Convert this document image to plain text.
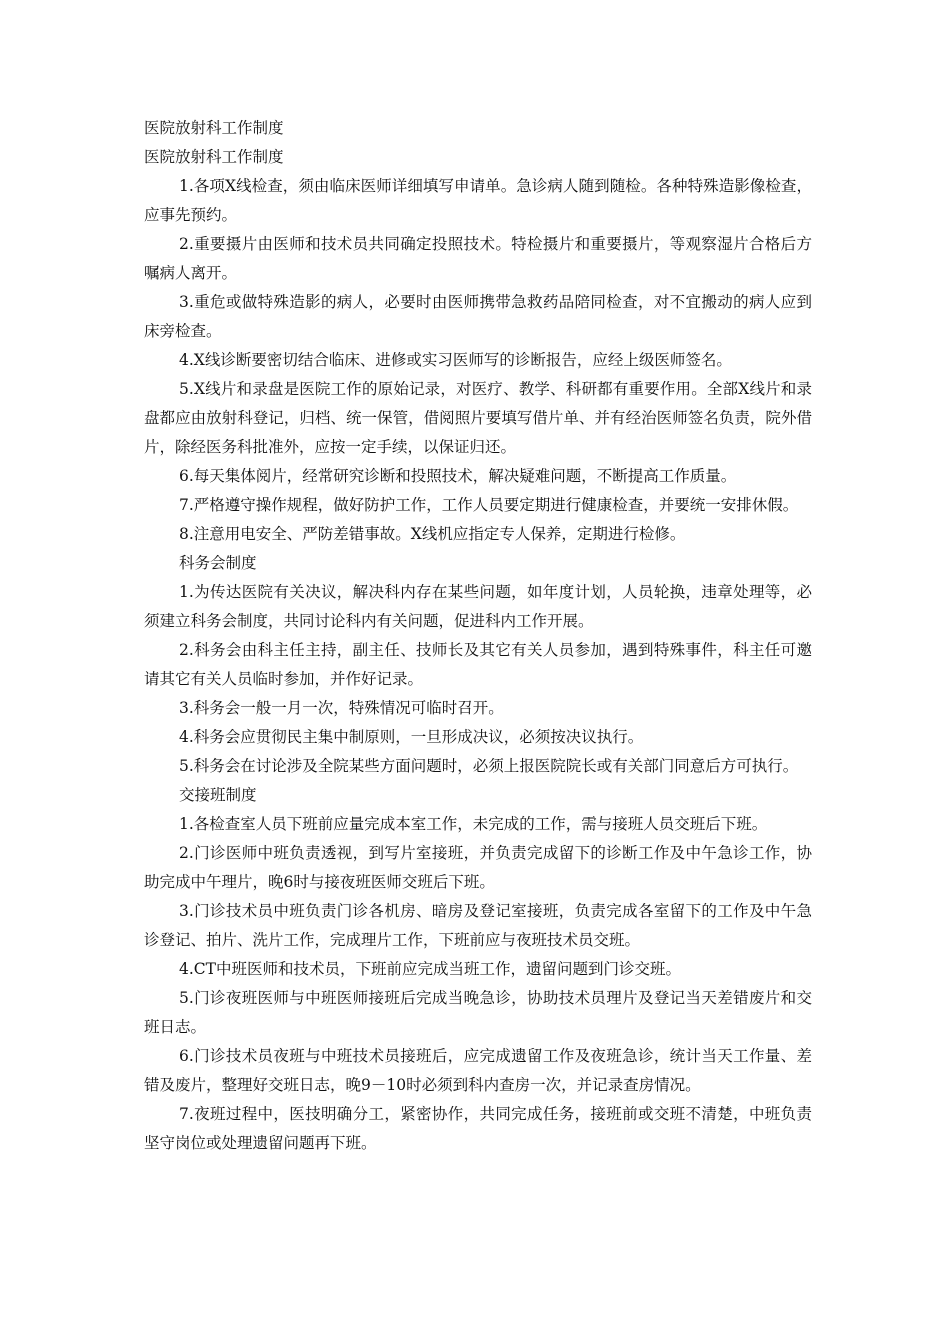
医院放射科工作制度

医院放射科工作制度

1.各项Ⅹ线检查，须由临床医师详细填写申请单。急诊病人随到随检。各种特殊造影像检查，应事先预约。

2.重要摄片由医师和技术员共同确定投照技术。特检摄片和重要摄片，等观察湿片合格后方嘱病人离开。

3.重危或做特殊造影的病人，必要时由医师携带急救药品陪同检查，对不宜搬动的病人应到床旁检查。

4.Ⅹ线诊断要密切结合临床、进修或实习医师写的诊断报告，应经上级医师签名。

5.Ⅹ线片和录盘是医院工作的原始记录，对医疗、教学、科研都有重要作用。全部Ⅹ线片和录盘都应由放射科登记，归档、统一保管，借阅照片要填写借片单、并有经治医师签名负责，院外借片，除经医务科批准外，应按一定手续，以保证归还。

6.每天集体阅片，经常研究诊断和投照技术，解决疑难问题，不断提高工作质量。

7.严格遵守操作规程，做好防护工作，工作人员要定期进行健康检查，并要统一安排休假。

8.注意用电安全、严防差错事故。Ⅹ线机应指定专人保养，定期进行检修。

科务会制度

1.为传达医院有关决议，解决科内存在某些问题，如年度计划，人员轮换，违章处理等，必须建立科务会制度，共同讨论科内有关问题，促进科内工作开展。

2.科务会由科主任主持，副主任、技师长及其它有关人员参加，遇到特殊事件，科主任可邀请其它有关人员临时参加，并作好记录。

3.科务会一般一月一次，特殊情况可临时召开。

4.科务会应贯彻民主集中制原则，一旦形成决议，必须按决议执行。

5.科务会在讨论涉及全院某些方面问题时，必须上报医院院长或有关部门同意后方可执行。

交接班制度

1.各检查室人员下班前应量完成本室工作，未完成的工作，需与接班人员交班后下班。

2.门诊医师中班负责透视，到写片室接班，并负责完成留下的诊断工作及中午急诊工作，协助完成中午理片，晚6时与接夜班医师交班后下班。

3.门诊技术员中班负责门诊各机房、暗房及登记室接班，负责完成各室留下的工作及中午急诊登记、拍片、洗片工作，完成理片工作，下班前应与夜班技术员交班。

4.CT中班医师和技术员，下班前应完成当班工作，遗留问题到门诊交班。

5.门诊夜班医师与中班医师接班后完成当晚急诊，协助技术员理片及登记当天差错废片和交班日志。

6.门诊技术员夜班与中班技术员接班后，应完成遗留工作及夜班急诊，统计当天工作量、差错及废片，整理好交班日志，晚9－10时必须到科内查房一次，并记录查房情况。

7.夜班过程中，医技明确分工，紧密协作，共同完成任务，接班前或交班不清楚，中班负责坚守岗位或处理遗留问题再下班。
